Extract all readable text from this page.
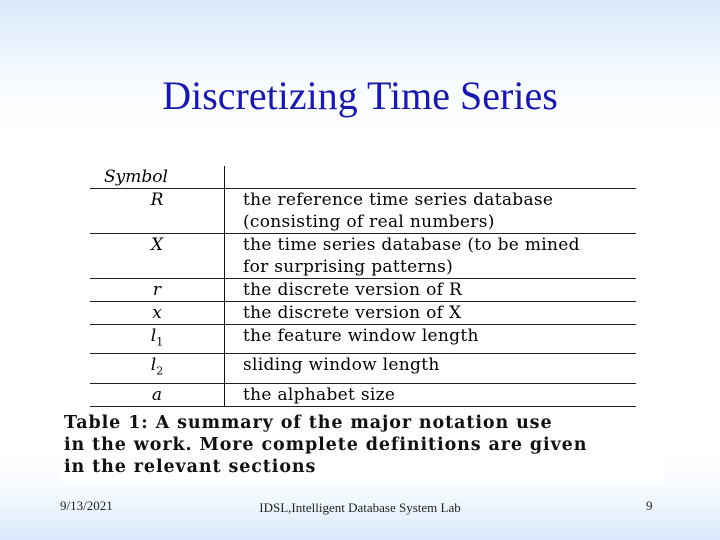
Discretizing Time Series
Symbol	
R	the reference time series database
(consisting of real numbers)

X	the time series database (to be mined
for surprising patterns)

r	the discrete version of R
x	the discrete version of X
$l_1$	the feature window length
$l_2$	sliding window length
a	the alphabet size

Table 1: A summary of the major notation use
in the work. More complete definitions are given
in the relevant sections
9/13/2021	IDSL,Intelligent Database System Lab	9
